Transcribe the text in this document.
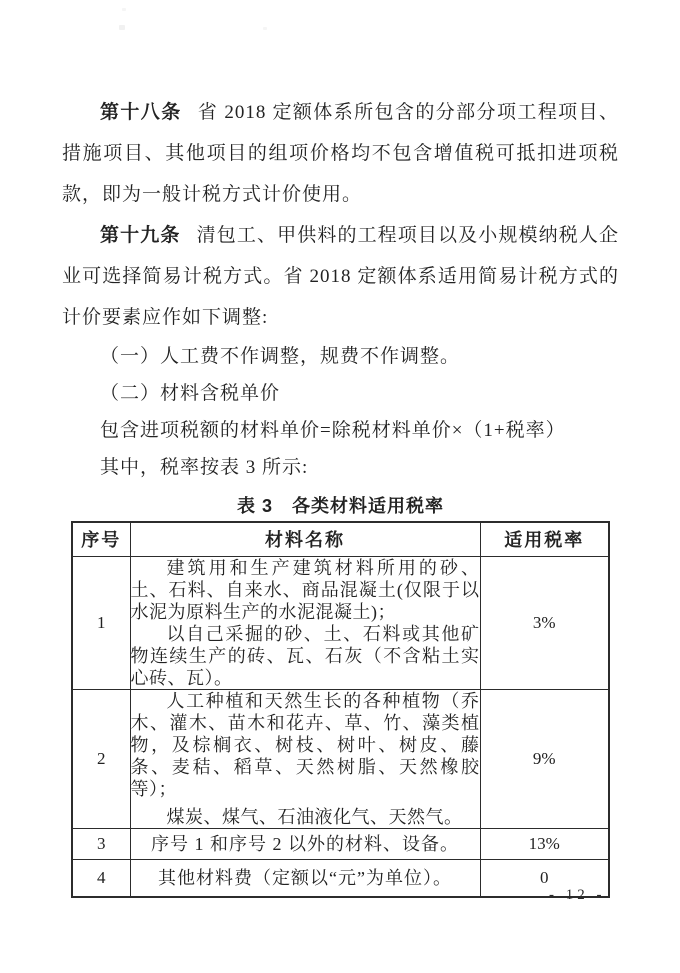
第十八条 省 2018 定额体系所包含的分部分项工程项目、措施项目、其他项目的组项价格均不包含增值税可抵扣进项税款，即为一般计税方式计价使用。

第十九条 清包工、甲供料的工程项目以及小规模纳税人企业可选择简易计税方式。省 2018 定额体系适用简易计税方式的计价要素应作如下调整:

（一）人工费不作调整，规费不作调整。

（二）材料含税单价

包含进项税额的材料单价=除税材料单价×（1+税率）

其中，税率按表 3 所示:

表 3　各类材料适用税率

序号	材料名称	适用税率
1	建筑用和生产建筑材料所用的砂、土、石料、自来水、商品混凝土(仅限于以水泥为原料生产的水泥混凝土)；

以自己采掘的砂、土、石料或其他矿物连续生产的砖、瓦、石灰（不含粘土实心砖、瓦）。	3%
2	人工种植和天然生长的各种植物（乔木、灌木、苗木和花卉、草、竹、藻类植物，及棕榈衣、树枝、树叶、树皮、藤条、麦秸、稻草、天然树脂、天然橡胶等）；

煤炭、煤气、石油液化气、天然气。	9%
3	序号 1 和序号 2 以外的材料、设备。	13%
4	其他材料费（定额以“元”为单位）。	0
- 12 -
